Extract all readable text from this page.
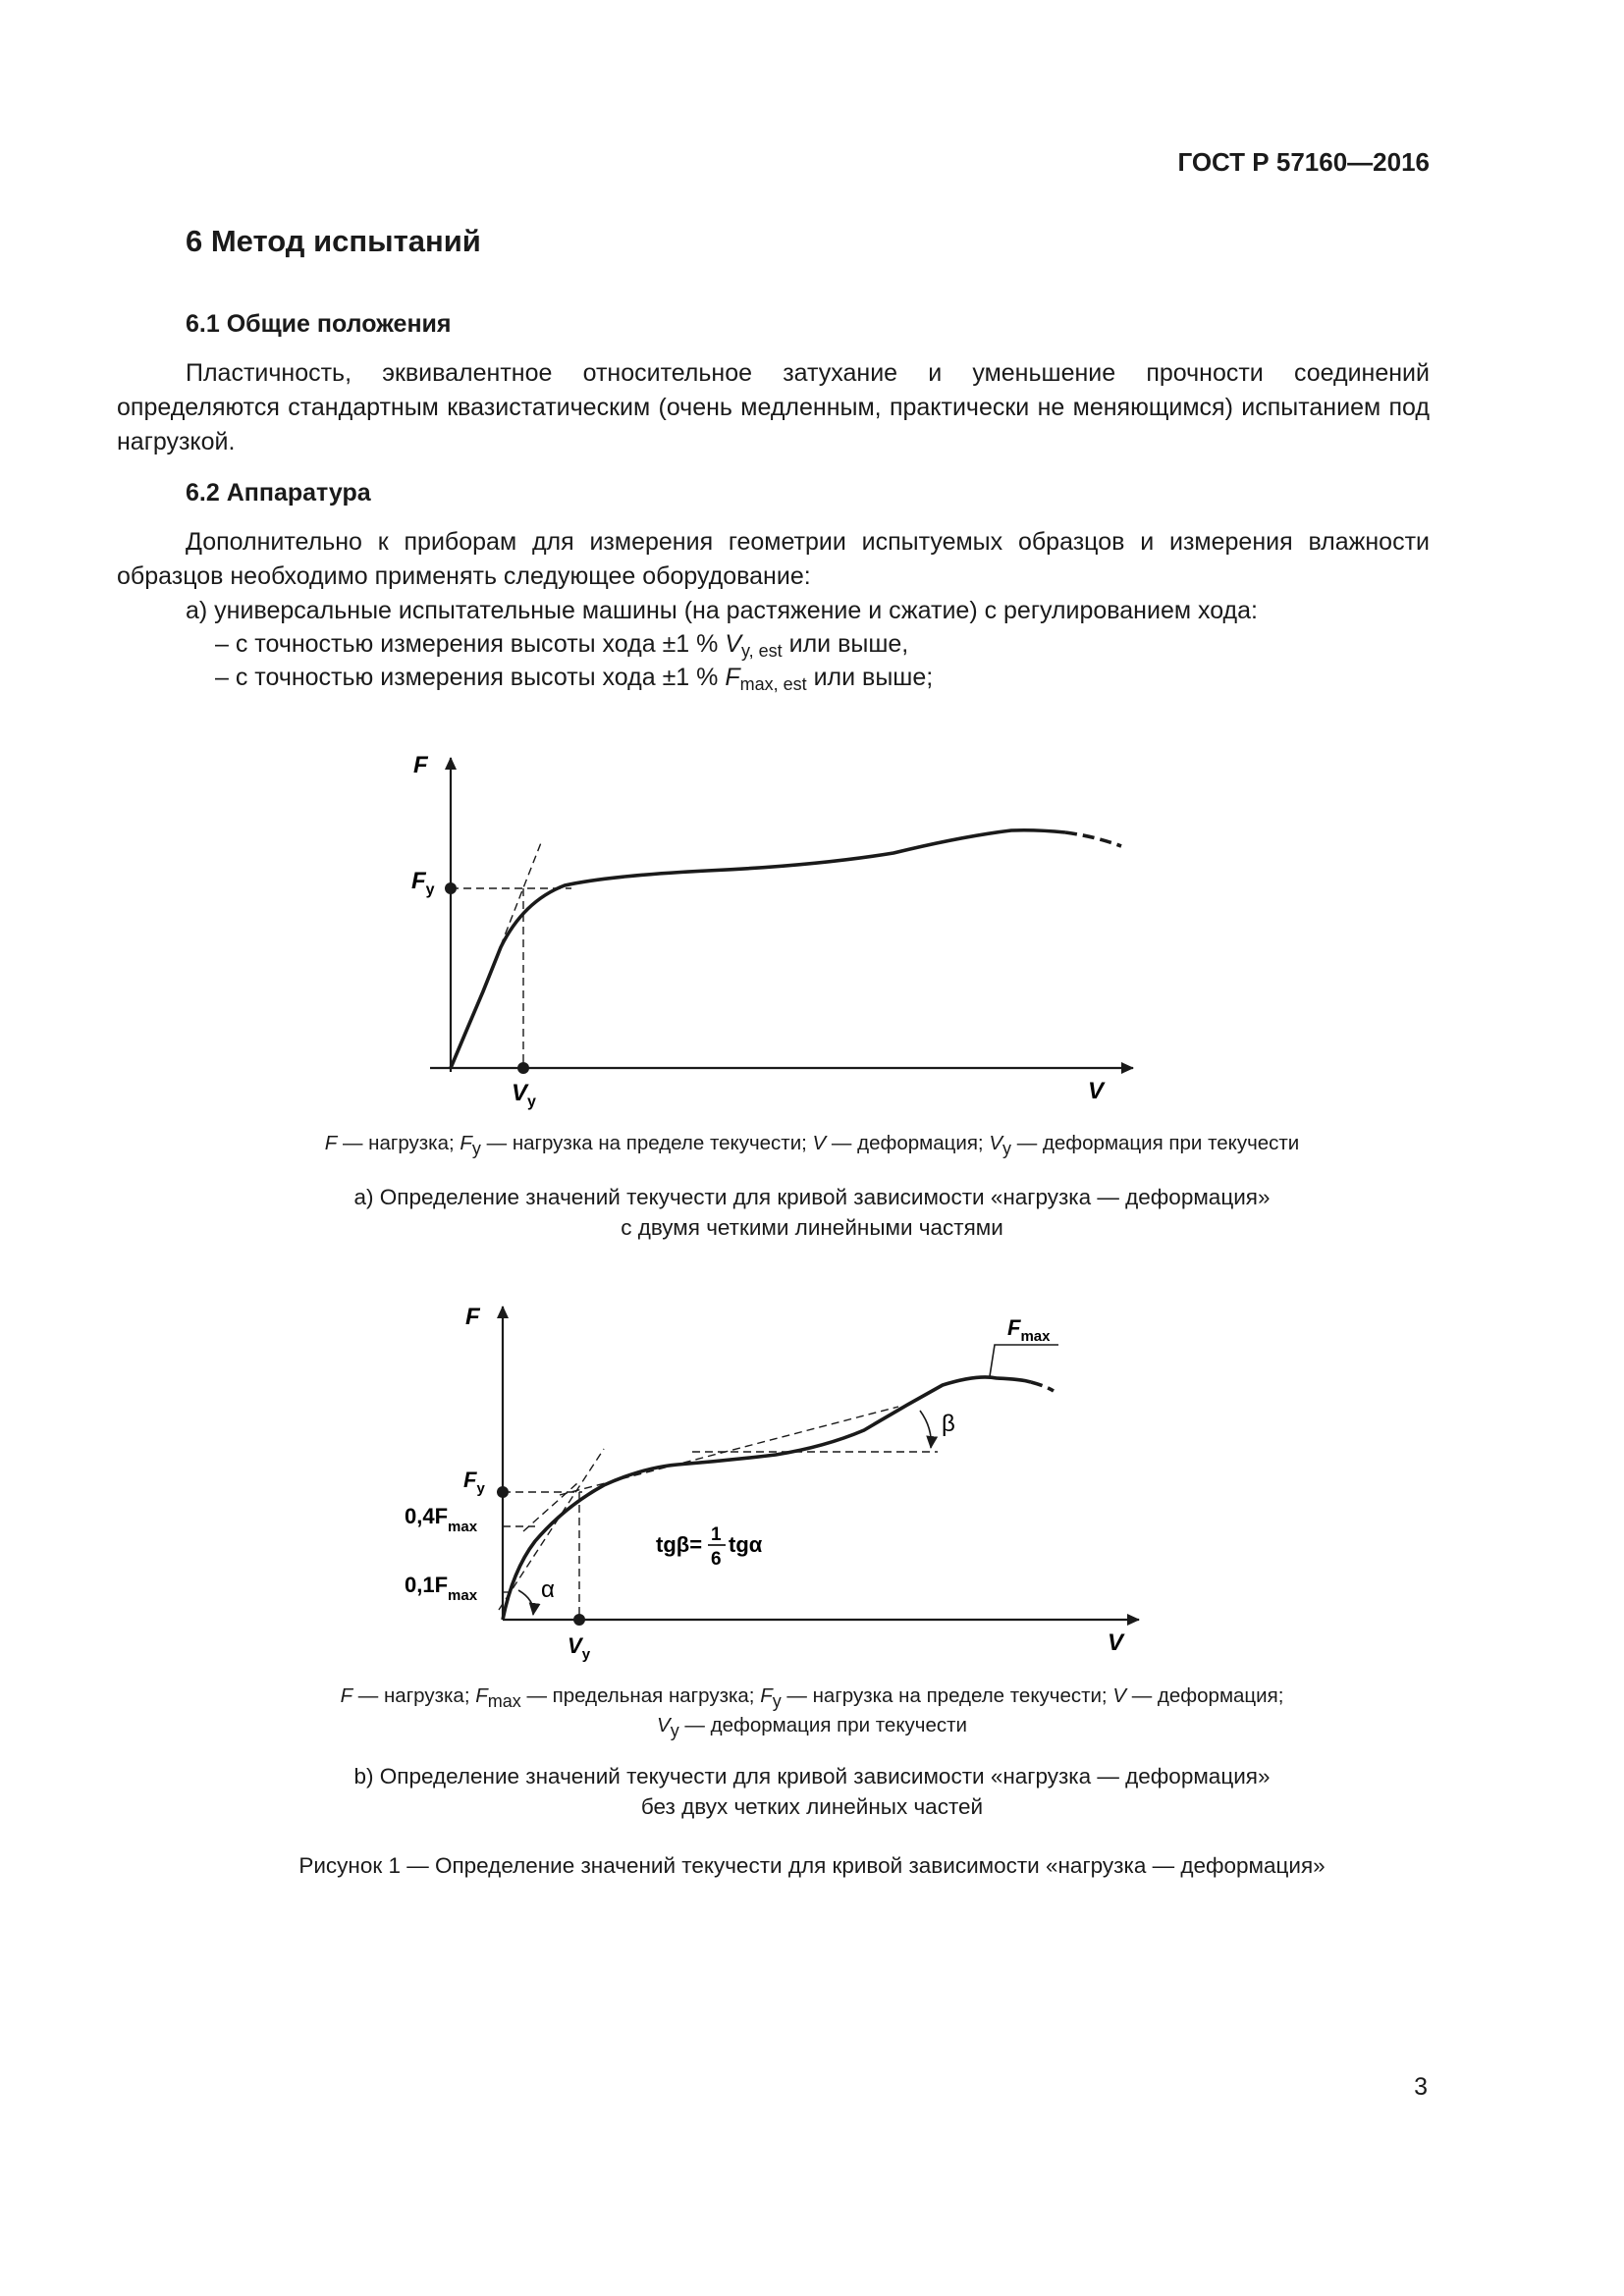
ГОСТ Р 57160—2016
6 Метод испытаний
6.1 Общие положения
Пластичность, эквивалентное относительное затухание и уменьшение прочности соединений определяются стандартным квазистатическим (очень медленным, практически не меняющимся) испытанием под нагрузкой.
6.2 Аппаратура
Дополнительно к приборам для измерения геометрии испытуемых образцов и измерения влажности образцов необходимо применять следующее оборудование:
а) универсальные испытательные машины (на растяжение и сжатие) с регулированием хода:
– с точностью измерения высоты хода ±1 % $V_{y, est}$ или выше,
– с точностью измерения высоты хода ±1 % $F_{max, est}$ или выше;
F
V
$F_y$
$V_y$
F
V
$F_y$
$0,4F_{max}$
$0,1F_{max}$
$V_y$
$F_{max}$
α
β
tgβ= 1
6
tgα
F — нагрузка; $F_y$ — нагрузка на пределе текучести; V — деформация; $V_y$ — деформация при текучести
а) Определение значений текучести для кривой зависимости «нагрузка — деформация»
с двумя четкими линейными частями
F — нагрузка; $F_{max}$ — предельная нагрузка; $F_y$ — нагрузка на пределе текучести; V — деформация;
$V_y$ — деформация при текучести
b) Определение значений текучести для кривой зависимости «нагрузка — деформация»
без двух четких линейных частей
Рисунок 1 — Определение значений текучести для кривой зависимости «нагрузка — деформация»
3
